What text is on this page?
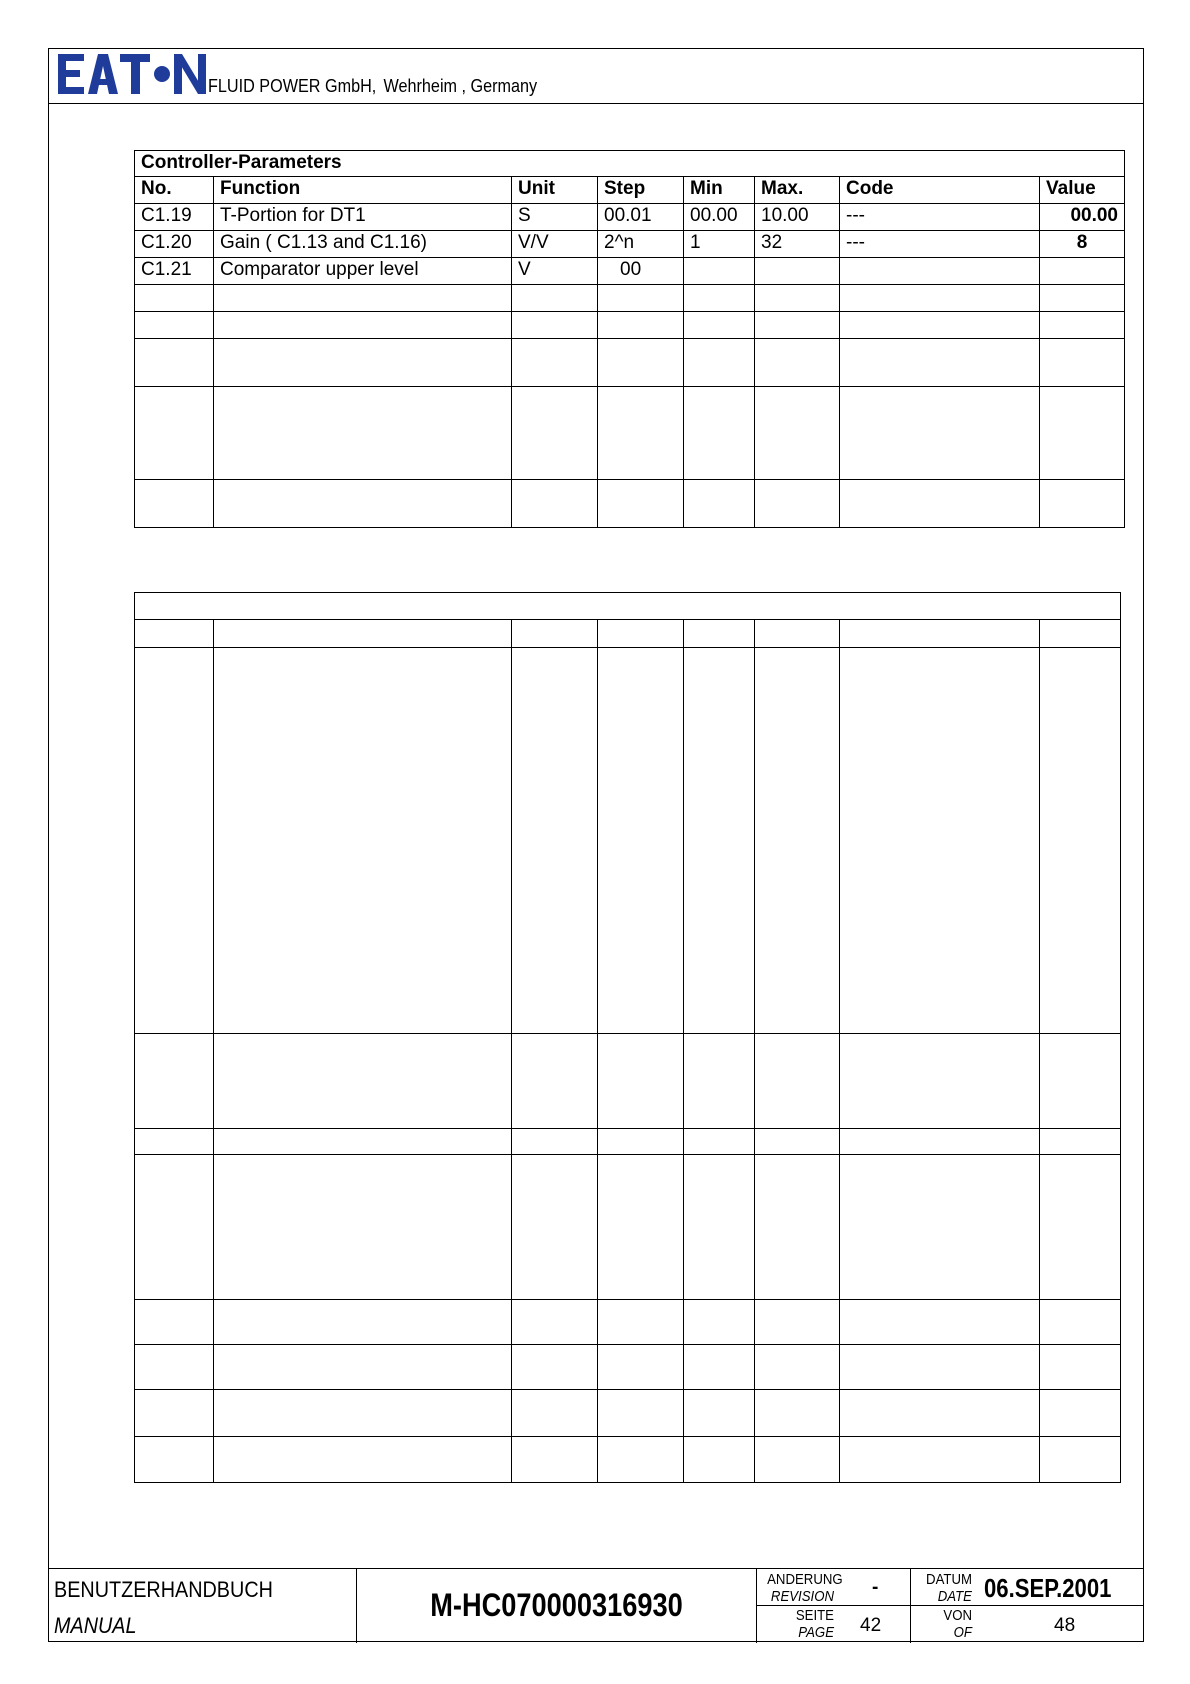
FLUID POWER GmbH, Wehrheim , Germany
Controller-Parameters							
No.	Function	Unit	Step	Min	Max.	Code	Value
C1.19	T-Portion for DT1	S	00.01	00.00	10.00	---	00.00
C1.20	Gain ( C1.13 and C1.16)	V/V	2^n	1	32	---	8
C1.21	Comparator upper level	V	00				

BENUTZERHANDBUCH
MANUAL
M-HC070000316930
ANDERUNG
REVISION -
SEITE
PAGE 42
DATUM
DATE 06.SEP.2001
VON
OF	48
